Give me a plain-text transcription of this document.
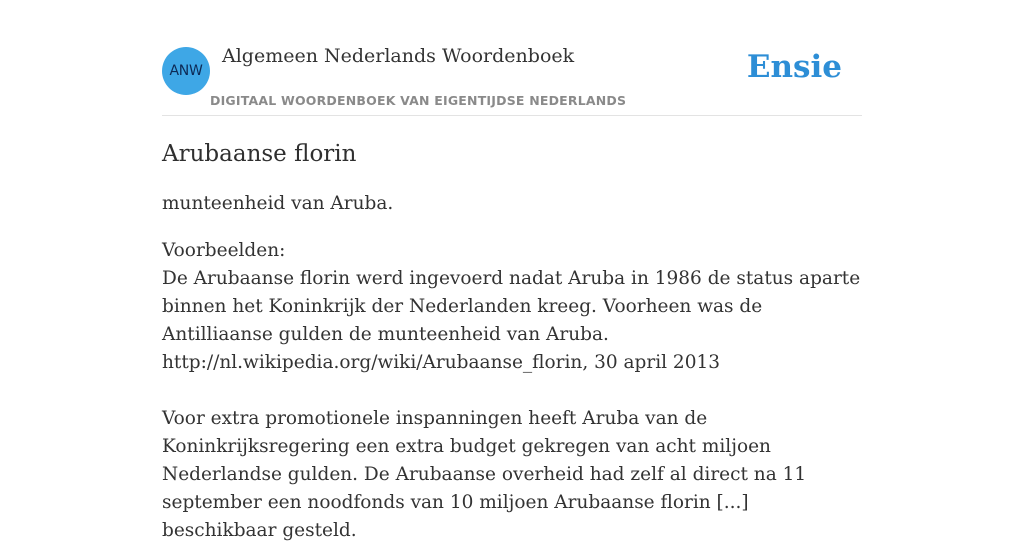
ANW
Algemeen Nederlands Woordenboek
DIGITAAL WOORDENBOEK VAN EIGENTIJDSE NEDERLANDS
Ensie
Arubaanse florin

munteenheid van Aruba.

Voorbeelden:
De Arubaanse florin werd ingevoerd nadat Aruba in 1986 de status aparte binnen het Koninkrijk der Nederlanden kreeg. Voorheen was de Antilliaanse gulden de munteenheid van Aruba.
http://nl.wikipedia.org/wiki/Arubaanse_florin, 30 april 2013
Voor extra promotionele inspanningen heeft Aruba van de Koninkrijksregering een extra budget gekregen van acht miljoen Nederlandse gulden. De Arubaanse overheid had zelf al direct na 11 september een noodfonds van 10 miljoen Arubaanse florin [...] beschikbaar gesteld.
